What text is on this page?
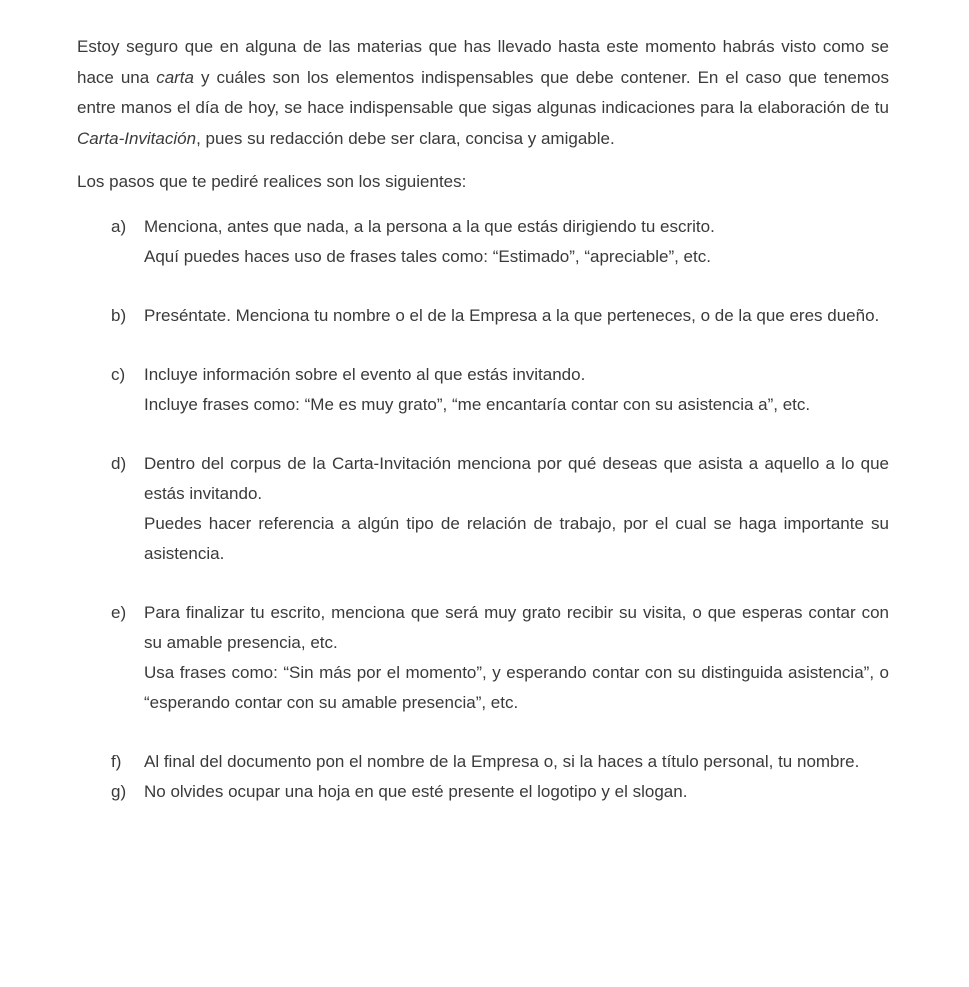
Estoy seguro que en alguna de las materias que has llevado hasta este momento habrás visto como se hace una carta y cuáles son los elementos indispensables que debe contener. En el caso que tenemos entre manos el día de hoy, se hace indispensable que sigas algunas indicaciones para la elaboración de tu Carta-Invitación, pues su redacción debe ser clara, concisa y amigable.

Los pasos que te pediré realices son los siguientes:

a)	Menciona, antes que nada, a la persona a la que estás dirigiendo tu escrito.

Aquí puedes haces uso de frases tales como: “Estimado”, “apreciable”, etc.

b)	Preséntate. Menciona tu nombre o el de la Empresa a la que perteneces, o de la que eres dueño.

c)	Incluye información sobre el evento al que estás invitando.

Incluye frases como: “Me es muy grato”, “me encantaría contar con su asistencia a”, etc.

d)	Dentro del corpus de la Carta-Invitación menciona por qué deseas que asista a aquello a lo que estás invitando.

Puedes hacer referencia a algún tipo de relación de trabajo, por el cual se haga importante su asistencia.

e)	Para finalizar tu escrito, menciona que será muy grato recibir su visita, o que esperas contar con su amable presencia, etc.

Usa frases como: “Sin más por el momento”, y esperando contar con su distinguida asistencia”, o “esperando contar con su amable presencia”, etc.

f)	Al final del documento pon el nombre de la Empresa o, si la haces a título personal, tu nombre.

g)	No olvides ocupar una hoja en que esté presente el logotipo y el slogan.
